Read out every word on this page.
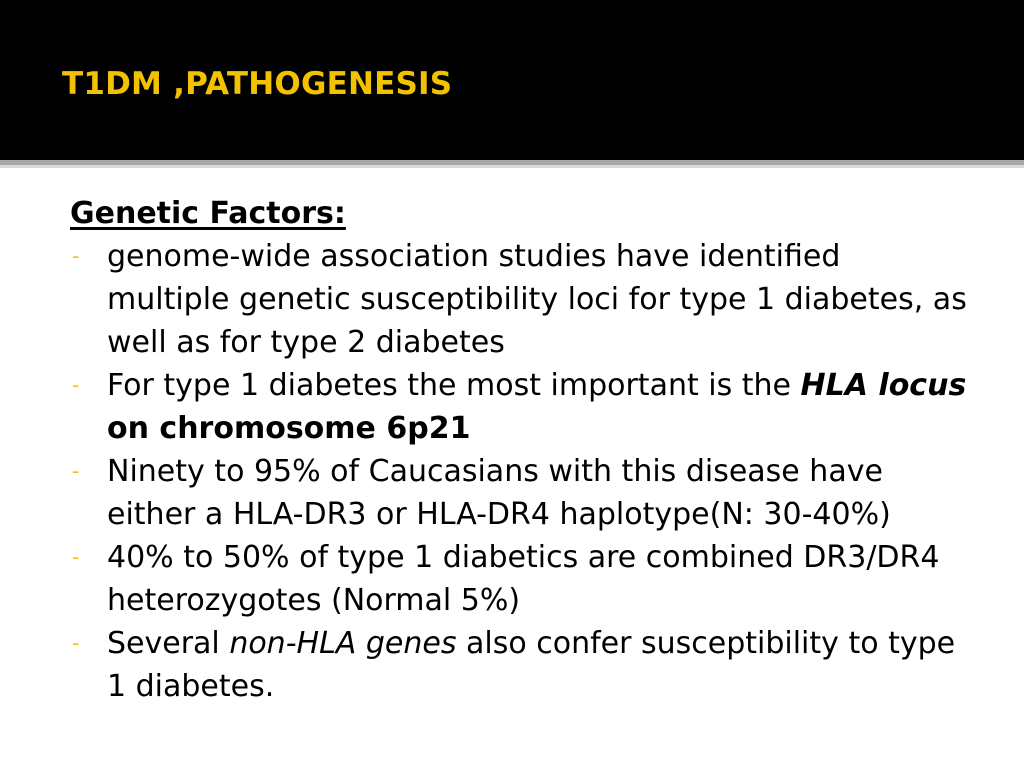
T1DM ,PATHOGENESIS
Genetic Factors:
- genome-wide association studies have identified multiple genetic susceptibility loci for type 1 diabetes, as well as for type 2 diabetes
- For type 1 diabetes the most important is the HLA locus on chromosome 6p21
- Ninety to 95% of Caucasians with this disease have either a HLA-DR3 or HLA-DR4 haplotype(N: 30-40%)
- 40% to 50% of type 1 diabetics are combined DR3/DR4 heterozygotes (Normal 5%)
- Several non-HLA genes also confer susceptibility to type 1 diabetes.
